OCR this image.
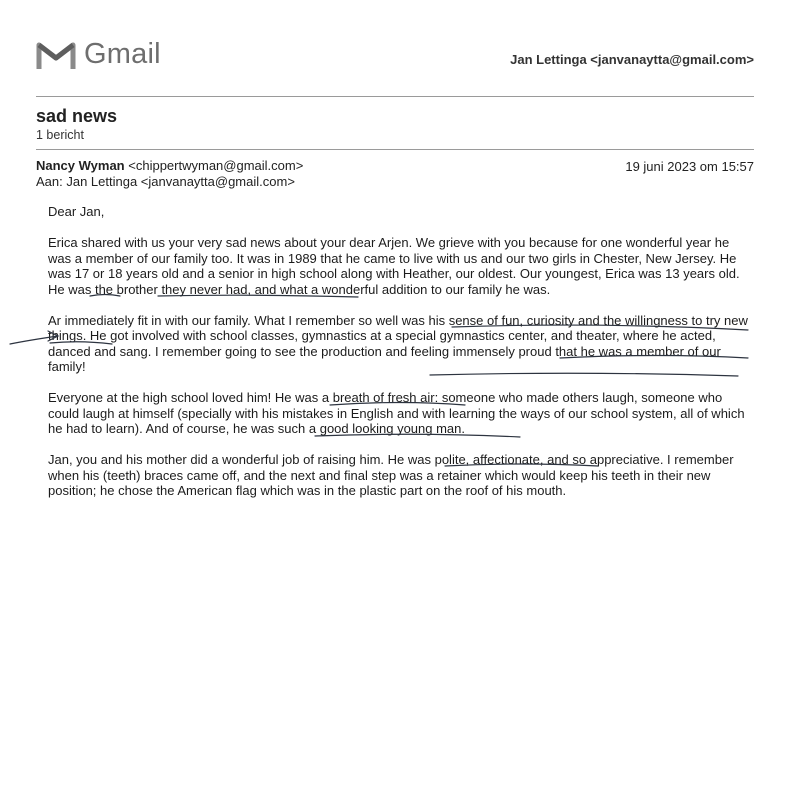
Gmail	Jan Lettinga <janvanaytta@gmail.com>
sad news
1 bericht
Nancy Wyman <chippertwyman@gmail.com>	19 juni 2023 om 15:57
Aan: Jan Lettinga <janvanaytta@gmail.com>

Dear Jan,

Erica shared with us your very sad news about your dear Arjen. We grieve with you because for one wonderful year he was a member of our family too. It was in 1989 that he came to live with us and our two girls in Chester, New Jersey. He was 17 or 18 years old and a senior in high school along with Heather, our oldest. Our youngest, Erica was 13 years old. He was the brother they never had, and what a wonderful addition to our family he was.

Ar immediately fit in with our family. What I remember so well was his sense of fun, curiosity and the willingness to try new things. He got involved with school classes, gymnastics at a special gymnastics center, and theater, where he acted, danced and sang. I remember going to see the production and feeling immensely proud that he was a member of our family!

Everyone at the high school loved him! He was a breath of fresh air: someone who made others laugh, someone who could laugh at himself (specially with his mistakes in English and with learning the ways of our school system, all of which he had to learn). And of course, he was such a good looking young man.

Jan, you and his mother did a wonderful job of raising him. He was polite, affectionate, and so appreciative. I remember when his (teeth) braces came off, and the next and final step was a retainer which would keep his teeth in their new position; he chose the American flag which was in the plastic part on the roof of his mouth.
